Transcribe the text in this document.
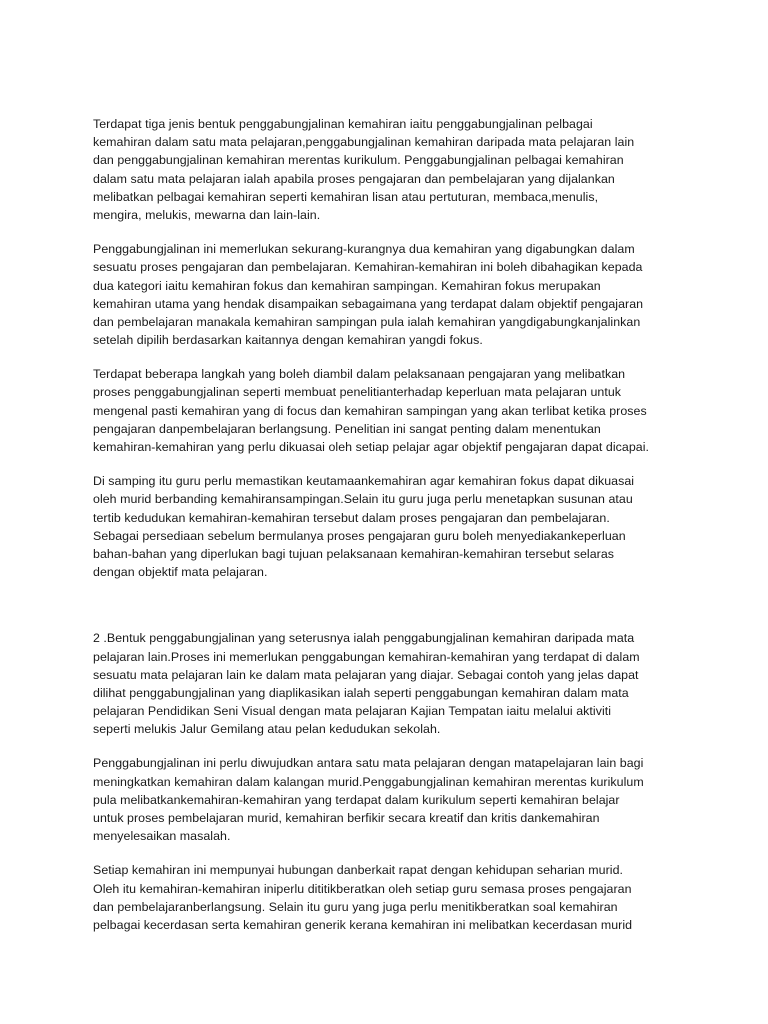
Terdapat tiga jenis bentuk penggabungjalinan kemahiran iaitu penggabungjalinan pelbagai
kemahiran dalam satu mata pelajaran,penggabungjalinan kemahiran daripada mata pelajaran lain
dan penggabungjalinan kemahiran merentas kurikulum. Penggabungjalinan pelbagai kemahiran
dalam satu mata pelajaran ialah apabila proses pengajaran dan pembelajaran yang dijalankan
melibatkan pelbagai kemahiran seperti kemahiran lisan atau pertuturan, membaca,menulis,
mengira, melukis, mewarna dan lain-lain.

Penggabungjalinan ini memerlukan sekurang-kurangnya dua kemahiran yang digabungkan dalam
sesuatu proses pengajaran dan pembelajaran. Kemahiran-kemahiran ini boleh dibahagikan kepada
dua kategori iaitu kemahiran fokus dan kemahiran sampingan. Kemahiran fokus merupakan
kemahiran utama yang hendak disampaikan sebagaimana yang terdapat dalam objektif pengajaran
dan pembelajaran manakala kemahiran sampingan pula ialah kemahiran yangdigabungkanjalinkan
setelah dipilih berdasarkan kaitannya dengan kemahiran yangdi fokus.

Terdapat beberapa langkah yang boleh diambil dalam pelaksanaan pengajaran yang melibatkan
proses penggabungjalinan seperti membuat penelitianterhadap keperluan mata pelajaran untuk
mengenal pasti kemahiran yang di focus dan kemahiran sampingan yang akan terlibat ketika proses
pengajaran danpembelajaran berlangsung. Penelitian ini sangat penting dalam menentukan
kemahiran-kemahiran yang perlu dikuasai oleh setiap pelajar agar objektif pengajaran dapat dicapai.

Di samping itu guru perlu memastikan keutamaankemahiran agar kemahiran fokus dapat dikuasai
oleh murid berbanding kemahiransampingan.Selain itu guru juga perlu menetapkan susunan atau
tertib kedudukan kemahiran-kemahiran tersebut dalam proses pengajaran dan pembelajaran.
Sebagai persediaan sebelum bermulanya proses pengajaran guru boleh menyediakankeperluan
bahan-bahan yang diperlukan bagi tujuan pelaksanaan kemahiran-kemahiran tersebut selaras
dengan objektif mata pelajaran.

2 .Bentuk penggabungjalinan yang seterusnya ialah penggabungjalinan kemahiran daripada mata
pelajaran lain.Proses ini memerlukan penggabungan kemahiran-kemahiran yang terdapat di dalam
sesuatu mata pelajaran lain ke dalam mata pelajaran yang diajar. Sebagai contoh yang jelas dapat
dilihat penggabungjalinan yang diaplikasikan ialah seperti penggabungan kemahiran dalam mata
pelajaran Pendidikan Seni Visual dengan mata pelajaran Kajian Tempatan iaitu melalui aktiviti
seperti melukis Jalur Gemilang atau pelan kedudukan sekolah.

Penggabungjalinan ini perlu diwujudkan antara satu mata pelajaran dengan matapelajaran lain bagi
meningkatkan kemahiran dalam kalangan murid.Penggabungjalinan kemahiran merentas kurikulum
pula melibatkankemahiran-kemahiran yang terdapat dalam kurikulum seperti kemahiran belajar
untuk proses pembelajaran murid, kemahiran berfikir secara kreatif dan kritis dankemahiran
menyelesaikan masalah.

Setiap kemahiran ini mempunyai hubungan danberkait rapat dengan kehidupan seharian murid.
Oleh itu kemahiran-kemahiran iniperlu dititikberatkan oleh setiap guru semasa proses pengajaran
dan pembelajaranberlangsung. Selain itu guru yang juga perlu menitikberatkan soal kemahiran
pelbagai kecerdasan serta kemahiran generik kerana kemahiran ini melibatkan kecerdasan murid
